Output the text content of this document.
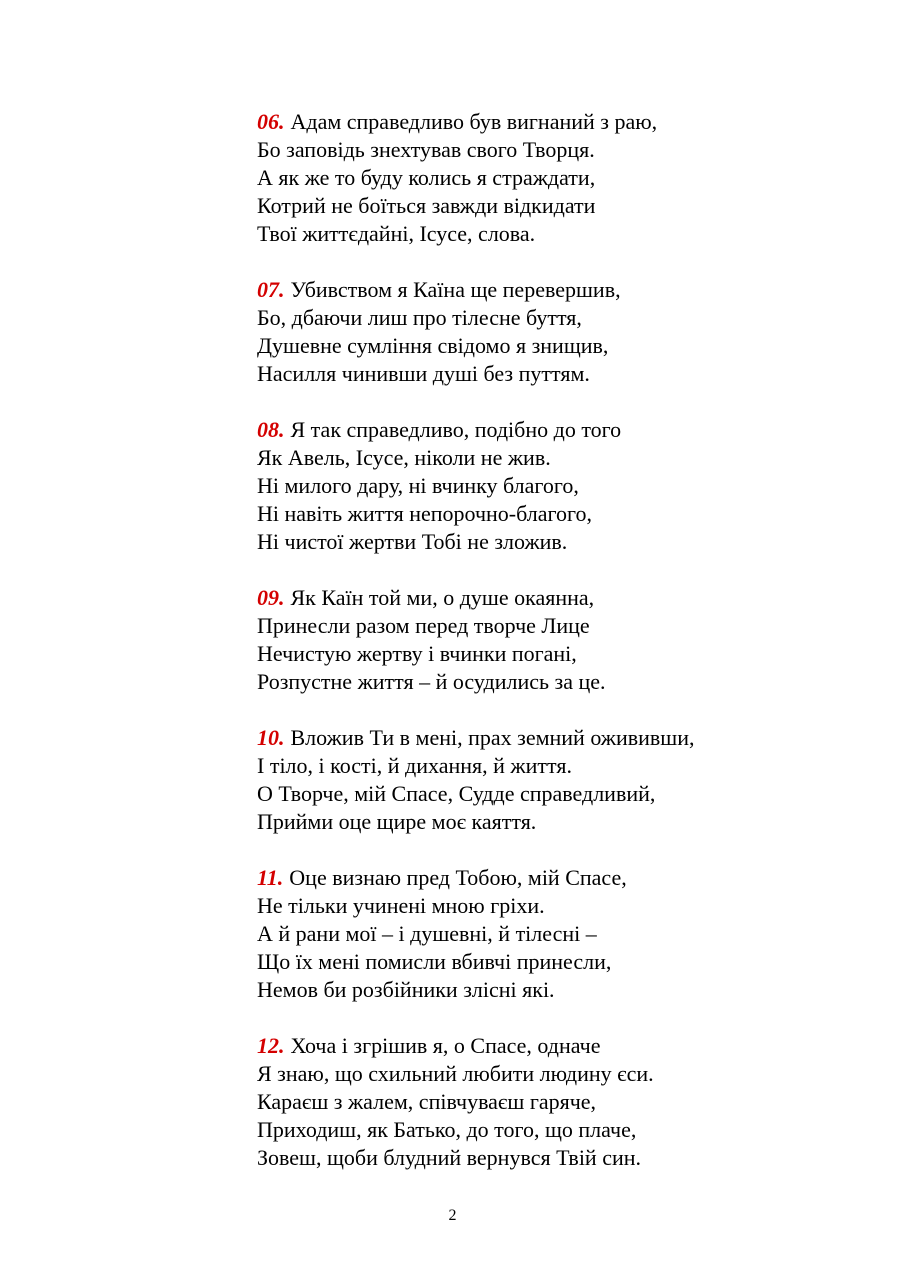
06. Адам справедливо був вигнаний з раю,
Бо заповідь знехтував свого Творця.
А як же то буду колись я страждати,
Котрий не боїться завжди відкидати
Твої життєдайні, Ісусе, слова.
07. Убивством я Каїна ще перевершив,
Бо, дбаючи лиш про тілесне буття,
Душевне сумління свідомо я знищив,
Насилля чинивши душі без путтям.
08. Я так справедливо, подібно до того
Як Авель, Ісусе, ніколи не жив.
Ні милого дару, ні вчинку благого,
Ні навіть життя непорочно-благого,
Ні чистої жертви Тобі не зложив.
09. Як Каїн той ми, о душе окаянна,
Принесли разом перед творче Лице
Нечистую жертву і вчинки погані,
Розпустне життя – й осудились за це.
10. Вложив Ти в мені, прах земний ожививши,
І тіло, і кості, й дихання, й життя.
О Творче, мій Спасе, Судде справедливий,
Прийми оце щире моє каяття.
11. Оце визнаю пред Тобою, мій Спасе,
Не тільки учинені мною гріхи.
А й рани мої – і душевні, й тілесні –
Що їх мені помисли вбивчі принесли,
Немов би розбійники злісні які.
12. Хоча і згрішив я, о Спасе, одначе
Я знаю, що схильний любити людину єси.
Караєш з жалем, співчуваєш гаряче,
Приходиш, як Батько, до того, що плаче,
Зовеш, щоби блудний вернувся Твій син.
2
